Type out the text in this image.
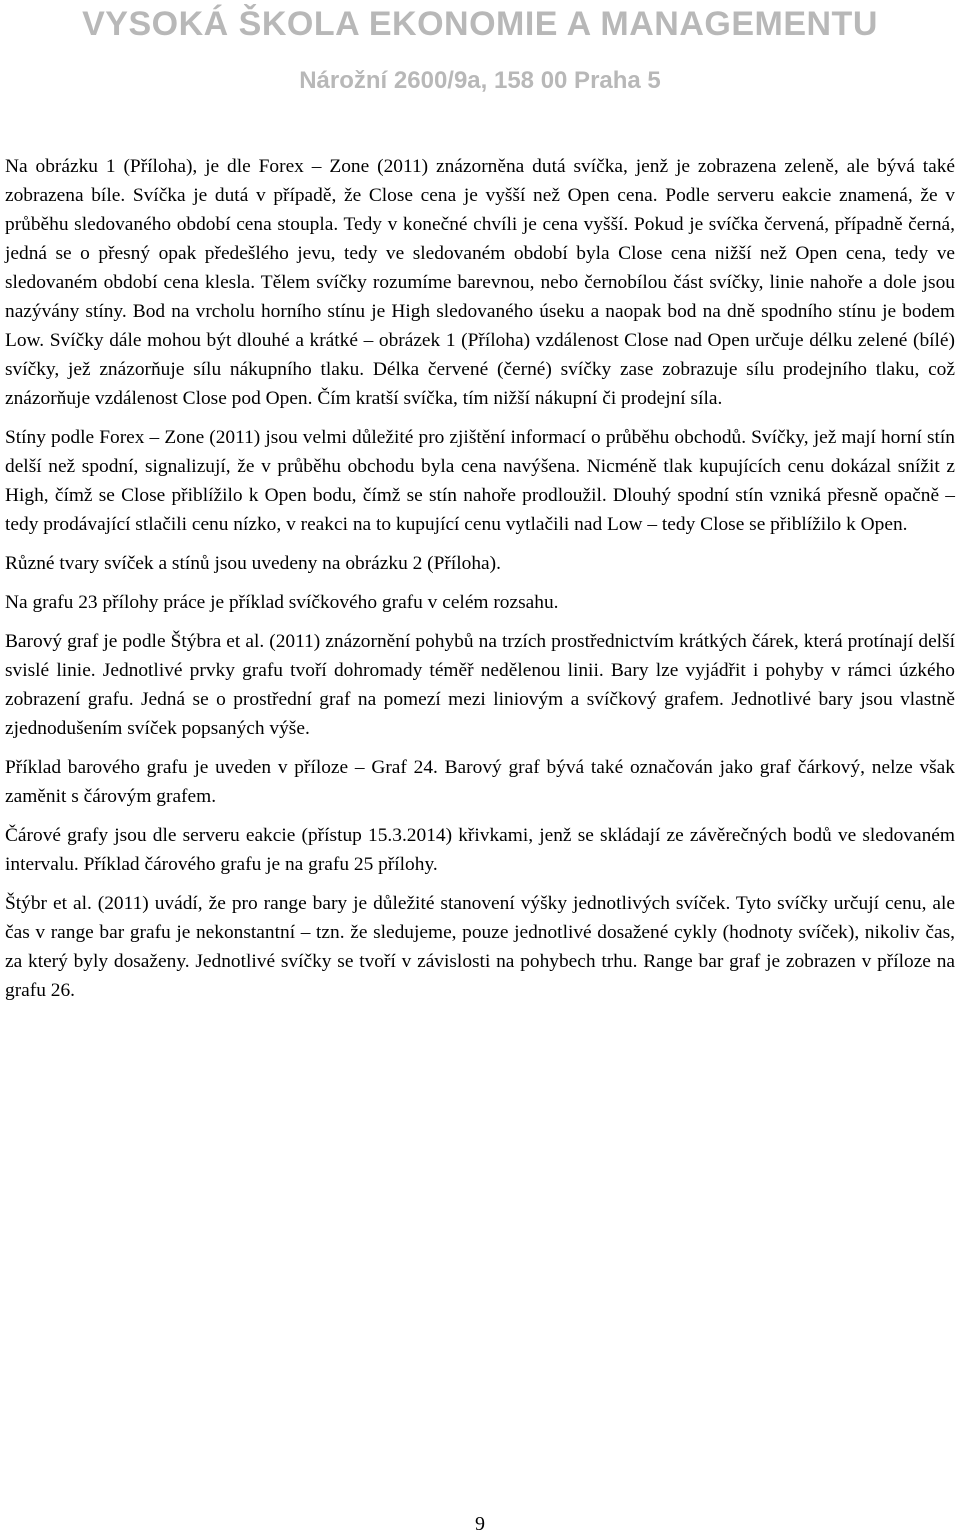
VYSOKÁ ŠKOLA EKONOMIE A MANAGEMENTU
Nárožní 2600/9a, 158 00 Praha 5

Na obrázku 1 (Příloha), je dle Forex – Zone (2011) znázorněna dutá svíčka, jenž je zobrazena zeleně, ale bývá také zobrazena bíle. Svíčka je dutá v případě, že Close cena je vyšší než Open cena. Podle serveru eakcie znamená, že v průběhu sledovaného období cena stoupla. Tedy v konečné chvíli je cena vyšší. Pokud je svíčka červená, případně černá, jedná se o přesný opak předešlého jevu, tedy ve sledovaném období byla Close cena nižší než Open cena, tedy ve sledovaném období cena klesla. Tělem svíčky rozumíme barevnou, nebo černobílou část svíčky, linie nahoře a dole jsou nazývány stíny. Bod na vrcholu horního stínu je High sledovaného úseku a naopak bod na dně spodního stínu je bodem Low. Svíčky dále mohou být dlouhé a krátké – obrázek 1 (Příloha) vzdálenost Close nad Open určuje délku zelené (bílé) svíčky, jež znázorňuje sílu nákupního tlaku. Délka červené (černé) svíčky zase zobrazuje sílu prodejního tlaku, což znázorňuje vzdálenost Close pod Open. Čím kratší svíčka, tím nižší nákupní či prodejní síla.

Stíny podle Forex – Zone (2011) jsou velmi důležité pro zjištění informací o průběhu obchodů. Svíčky, jež mají horní stín delší než spodní, signalizují, že v průběhu obchodu byla cena navýšena. Nicméně tlak kupujících cenu dokázal snížit z High, čímž se Close přiblížilo k Open bodu, čímž se stín nahoře prodloužil. Dlouhý spodní stín vzniká přesně opačně – tedy prodávající stlačili cenu nízko, v reakci na to kupující cenu vytlačili nad Low – tedy Close se přiblížilo k Open.

Různé tvary svíček a stínů jsou uvedeny na obrázku 2 (Příloha).

Na grafu 23 přílohy práce je příklad svíčkového grafu v celém rozsahu.

Barový graf je podle Štýbra et al. (2011) znázornění pohybů na trzích prostřednictvím krátkých čárek, která protínají delší svislé linie. Jednotlivé prvky grafu tvoří dohromady téměř nedělenou linii. Bary lze vyjádřit i pohyby v rámci úzkého zobrazení grafu. Jedná se o prostřední graf na pomezí mezi liniovým a svíčkový grafem. Jednotlivé bary jsou vlastně zjednodušením svíček popsaných výše.

Příklad barového grafu je uveden v příloze – Graf 24. Barový graf bývá také označován jako graf čárkový, nelze však zaměnit s čárovým grafem.

Čárové grafy jsou dle serveru eakcie (přístup 15.3.2014) křivkami, jenž se skládají ze závěrečných bodů ve sledovaném intervalu. Příklad čárového grafu je na grafu 25 přílohy.

Štýbr et al. (2011) uvádí, že pro range bary je důležité stanovení výšky jednotlivých svíček. Tyto svíčky určují cenu, ale čas v range bar grafu je nekonstantní – tzn. že sledujeme, pouze jednotlivé dosažené cykly (hodnoty svíček), nikoliv čas, za který byly dosaženy. Jednotlivé svíčky se tvoří v závislosti na pohybech trhu. Range bar graf je zobrazen v příloze na grafu 26.

9
